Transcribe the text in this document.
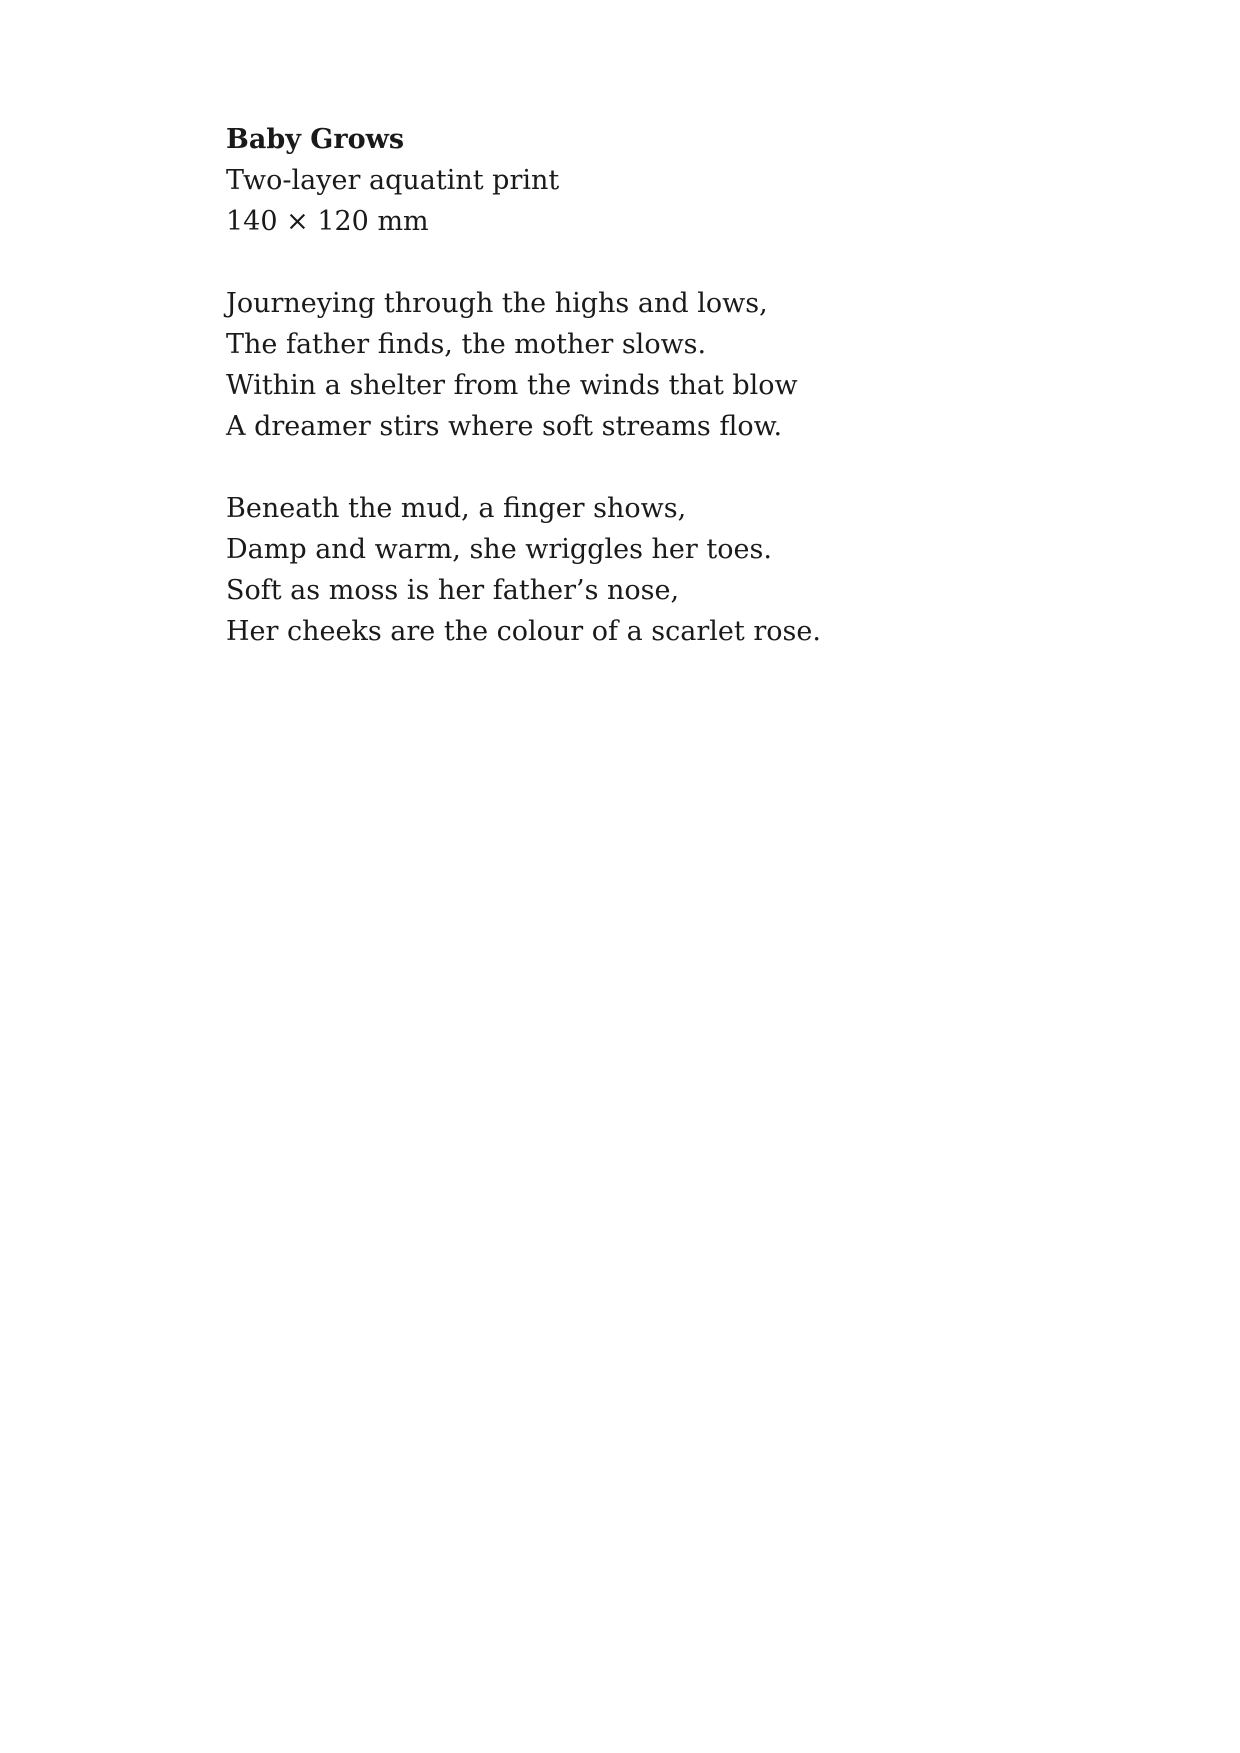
Baby Grows
Two-layer aquatint print
140 × 120 mm
Journeying through the highs and lows,
The father finds, the mother slows.
Within a shelter from the winds that blow
A dreamer stirs where soft streams flow.
Beneath the mud, a finger shows,
Damp and warm, she wriggles her toes.
Soft as moss is her father’s nose,
Her cheeks are the colour of a scarlet rose.
